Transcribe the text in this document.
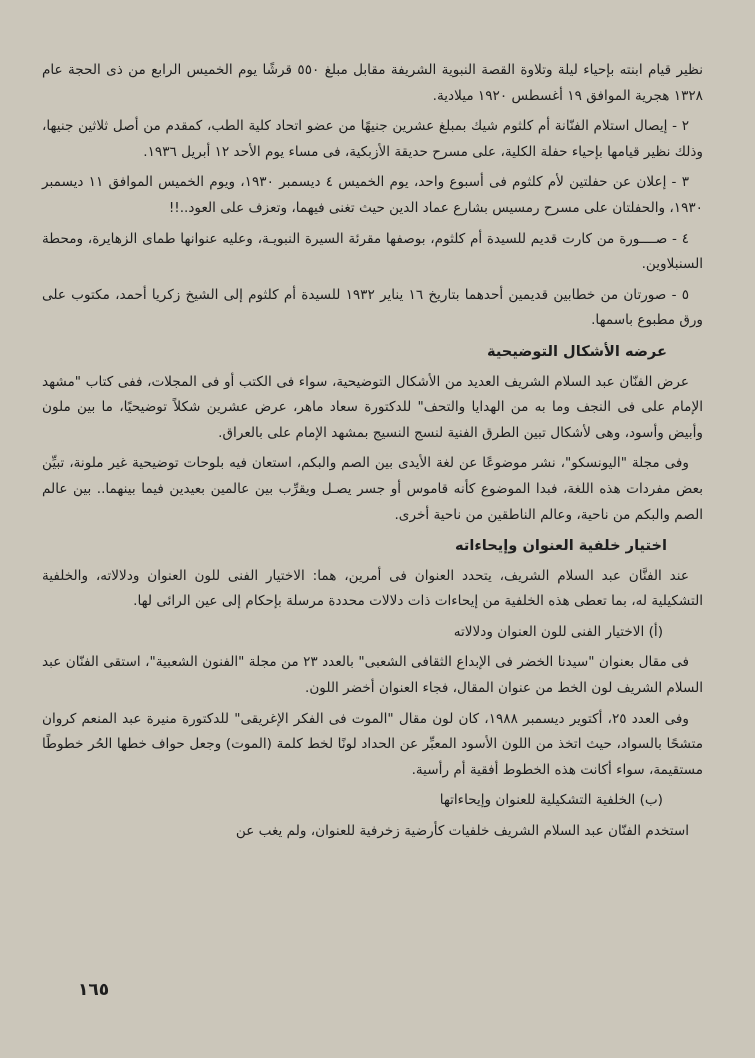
نظير قيام ابنته بإحياء ليلة وتلاوة القصة النبوية الشريفة مقابل مبلغ ٥٥٠ قرشًا يوم الخميس الرابع من ذى الحجة عام ١٣٢٨ هجرية الموافق ١٩ أغسطس ١٩٢٠ ميلادية.

٢ - إيصال استلام الفنّانة أم كلثوم شيك بمبلغ عشرين جنيهًا من عضو اتحاد كلية الطب، كمقدم من أصل ثلاثين جنيها، وذلك نظير قيامها بإحياء حفلة الكلية، على مسرح حديقة الأزبكية، فى مساء يوم الأحد ١٢ أبريل ١٩٣٦.

٣ - إعلان عن حفلتين لأم كلثوم فى أسبوع واحد، يوم الخميس ٤ ديسمبر ١٩٣٠، ويوم الخميس الموافق ١١ ديسمبر ١٩٣٠، والحفلتان على مسرح رمسيس بشارع عماد الدين حيث تغنى فيهما، وتعزف على العود..!!

٤ - صــــورة من كارت قديم للسيدة أم كلثوم، بوصفها مقرئة السيرة النبويـة، وعليه عنوانها طماى الزهايرة، ومحطة السنبلاوين.

٥ - صورتان من خطابين قديمين أحدهما بتاريخ ١٦ يناير ١٩٣٢ للسيدة أم كلثوم إلى الشيخ زكريا أحمد، مكتوب على ورق مطبوع باسمها.

عرضه الأشكال التوضيحية

عرض الفنّان عبد السلام الشريف العديد من الأشكال التوضيحية، سواء فى الكتب أو فى المجلات، ففى كتاب "مشهد الإمام على فى النجف وما به من الهدايا والتحف" للدكتورة سعاد ماهر، عرض عشرين شكلاً توضيحيًا، ما بين ملون وأبيض وأسود، وهى لأشكال تبين الطرق الفنية لنسج النسيج بمشهد الإمام على بالعراق.

وفى مجلة "اليونسكو"، نشر موضوعًا عن لغة الأيدى بين الصم والبكم، استعان فيه بلوحات توضيحية غير ملونة، تبيِّن بعض مفردات هذه اللغة، فبدا الموضوع كأنه قاموس أو جسر يصـل ويقرِّب بين عالمين بعيدين فيما بينهما.. بين عالم الصم والبكم من ناحية، وعالم الناطقين من ناحية أخرى.

اختيار خلفية العنوان وإيحاءاته

عند الفنَّان عبد السلام الشريف، يتحدد العنوان فى أمرين، هما: الاختيار الفنى للون العنوان ودلالاته، والخلفية التشكيلية له، بما تعطى هذه الخلفية من إيحاءات ذات دلالات محددة مرسلة بإحكام إلى عين الرائى لها.

(أ) الاختيار الفنى للون العنوان ودلالاته

فى مقال بعنوان "سيدنا الخضر فى الإبداع الثقافى الشعبى" بالعدد ٢٣ من مجلة "الفنون الشعبية"، استقى الفنّان عبد السلام الشريف لون الخط من عنوان المقال، فجاء العنوان أخضر اللون.

وفى العدد ٢٥، أكتوير ديسمبر ١٩٨٨، كان لون مقال "الموت فى الفكر الإغريقى" للدكتورة منيرة عبد المنعم كروان متشحًا بالسواد، حيث اتخذ من اللون الأسود المعبِّر عن الحداد لونًا لخط كلمة (الموت) وجعل حواف خطها الحُر خطوطًا مستقيمة، سواء أكانت هذه الخطوط أفقية أم رأسية.

(ب) الخلفية التشكيلية للعنوان وإيحاءاتها

استخدم الفنّان عبد السلام الشريف خلفيات كأرضية زخرفية للعنوان، ولم يغب عن

١٦٥
